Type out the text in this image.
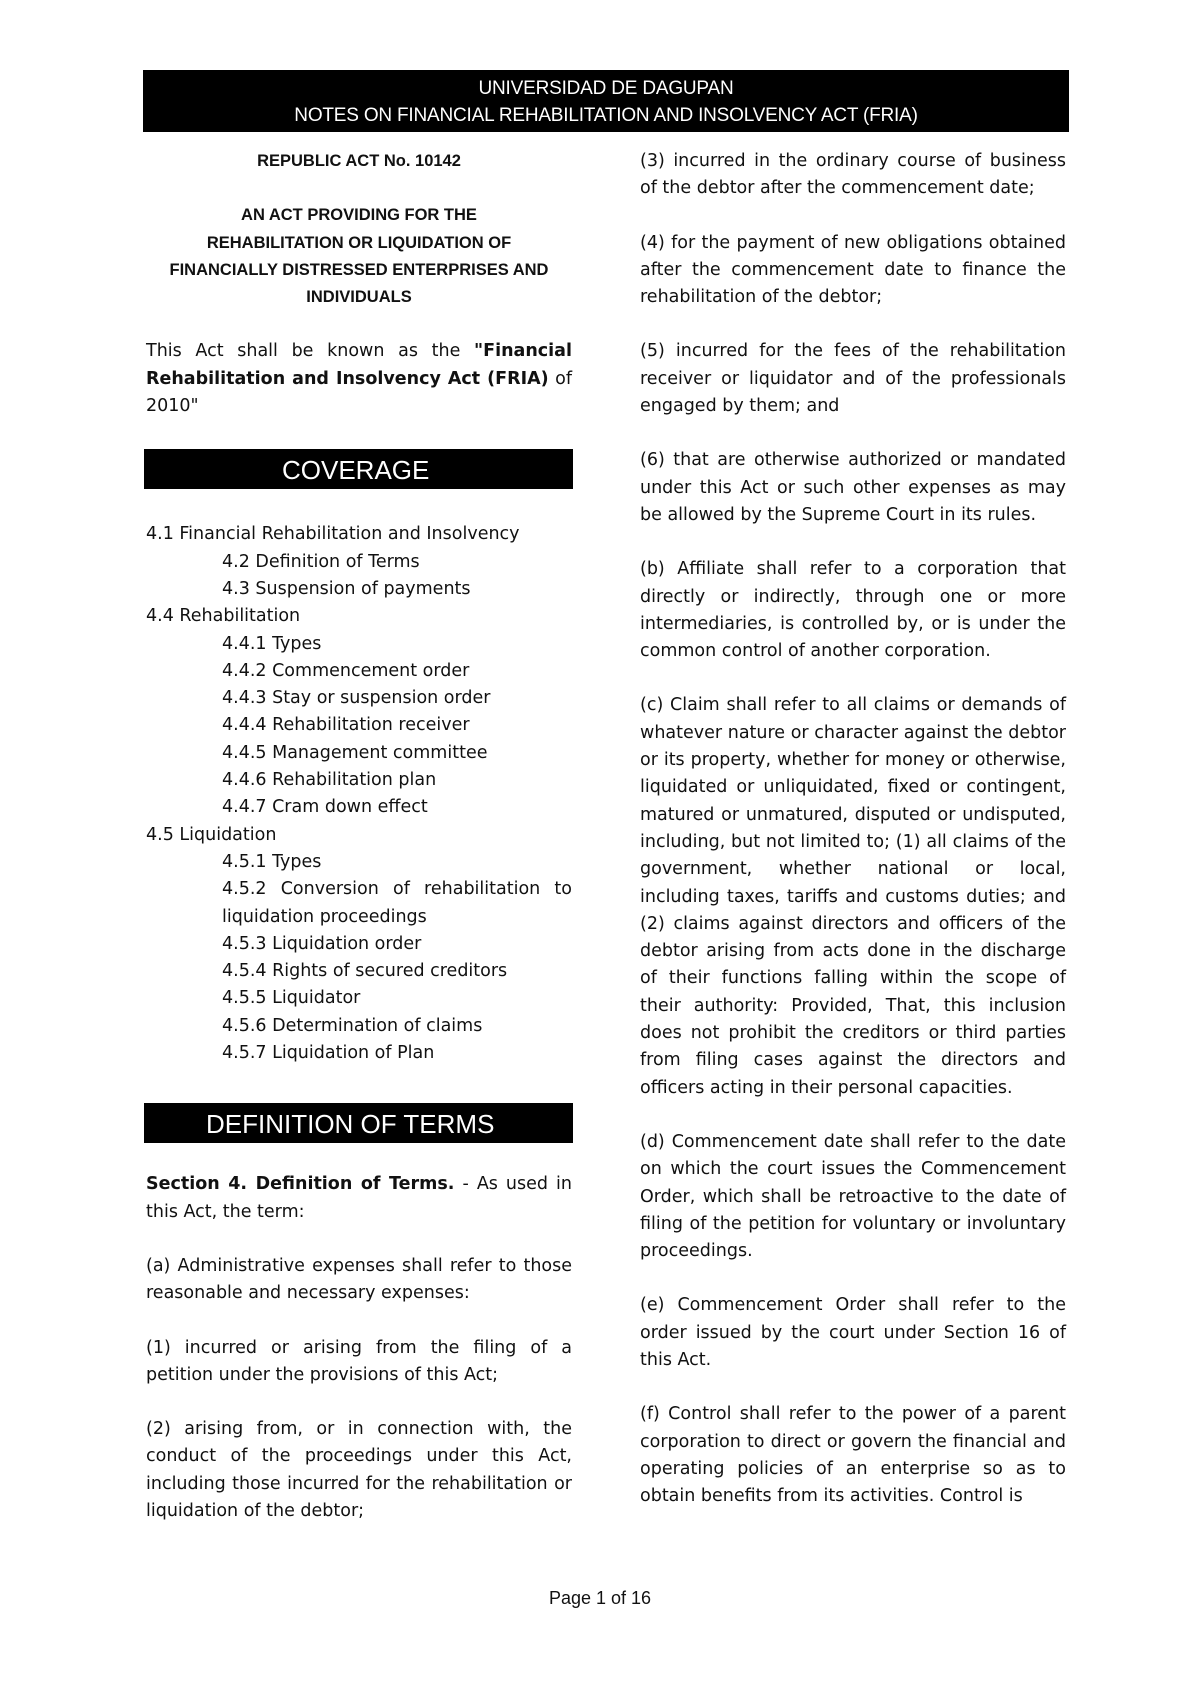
UNIVERSIDAD DE DAGUPAN
NOTES ON FINANCIAL REHABILITATION AND INSOLVENCY ACT (FRIA)
REPUBLIC ACT No. 10142
AN ACT PROVIDING FOR THE
REHABILITATION OR LIQUIDATION OF
FINANCIALLY DISTRESSED ENTERPRISES AND
INDIVIDUALS

This Act shall be known as the "Financial Rehabilitation and Insolvency Act (FRIA) of 2010"

COVERAGE
4.1 Financial Rehabilitation and Insolvency
4.2 Definition of Terms
4.3 Suspension of payments
4.4 Rehabilitation
4.4.1 Types
4.4.2 Commencement order
4.4.3 Stay or suspension order
4.4.4 Rehabilitation receiver
4.4.5 Management committee
4.4.6 Rehabilitation plan
4.4.7 Cram down effect
4.5 Liquidation
4.5.1 Types
4.5.2 Conversion of rehabilitation to liquidation proceedings
4.5.3 Liquidation order
4.5.4 Rights of secured creditors
4.5.5 Liquidator
4.5.6 Determination of claims
4.5.7 Liquidation of Plan
DEFINITION OF TERMS

Section 4. Definition of Terms. - As used in this Act, the term:

(a) Administrative expenses shall refer to those reasonable and necessary expenses:

(1) incurred or arising from the filing of a petition under the provisions of this Act;

(2) arising from, or in connection with, the conduct of the proceedings under this Act, including those incurred for the rehabilitation or liquidation of the debtor;

(3) incurred in the ordinary course of business of the debtor after the commencement date;

(4) for the payment of new obligations obtained after the commencement date to finance the rehabilitation of the debtor;

(5) incurred for the fees of the rehabilitation receiver or liquidator and of the professionals engaged by them; and

(6) that are otherwise authorized or mandated under this Act or such other expenses as may be allowed by the Supreme Court in its rules.

(b) Affiliate shall refer to a corporation that directly or indirectly, through one or more intermediaries, is controlled by, or is under the common control of another corporation.

(c) Claim shall refer to all claims or demands of whatever nature or character against the debtor or its property, whether for money or otherwise, liquidated or unliquidated, fixed or contingent, matured or unmatured, disputed or undisputed, including, but not limited to; (1) all claims of the government, whether national or local, including taxes, tariffs and customs duties; and (2) claims against directors and officers of the debtor arising from acts done in the discharge of their functions falling within the scope of their authority: Provided, That, this inclusion does not prohibit the creditors or third parties from filing cases against the directors and officers acting in their personal capacities.

(d) Commencement date shall refer to the date on which the court issues the Commencement Order, which shall be retroactive to the date of filing of the petition for voluntary or involuntary proceedings.

(e) Commencement Order shall refer to the order issued by the court under Section 16 of this Act.

(f) Control shall refer to the power of a parent corporation to direct or govern the financial and operating policies of an enterprise so as to obtain benefits from its activities. Control is

Page 1 of 16
